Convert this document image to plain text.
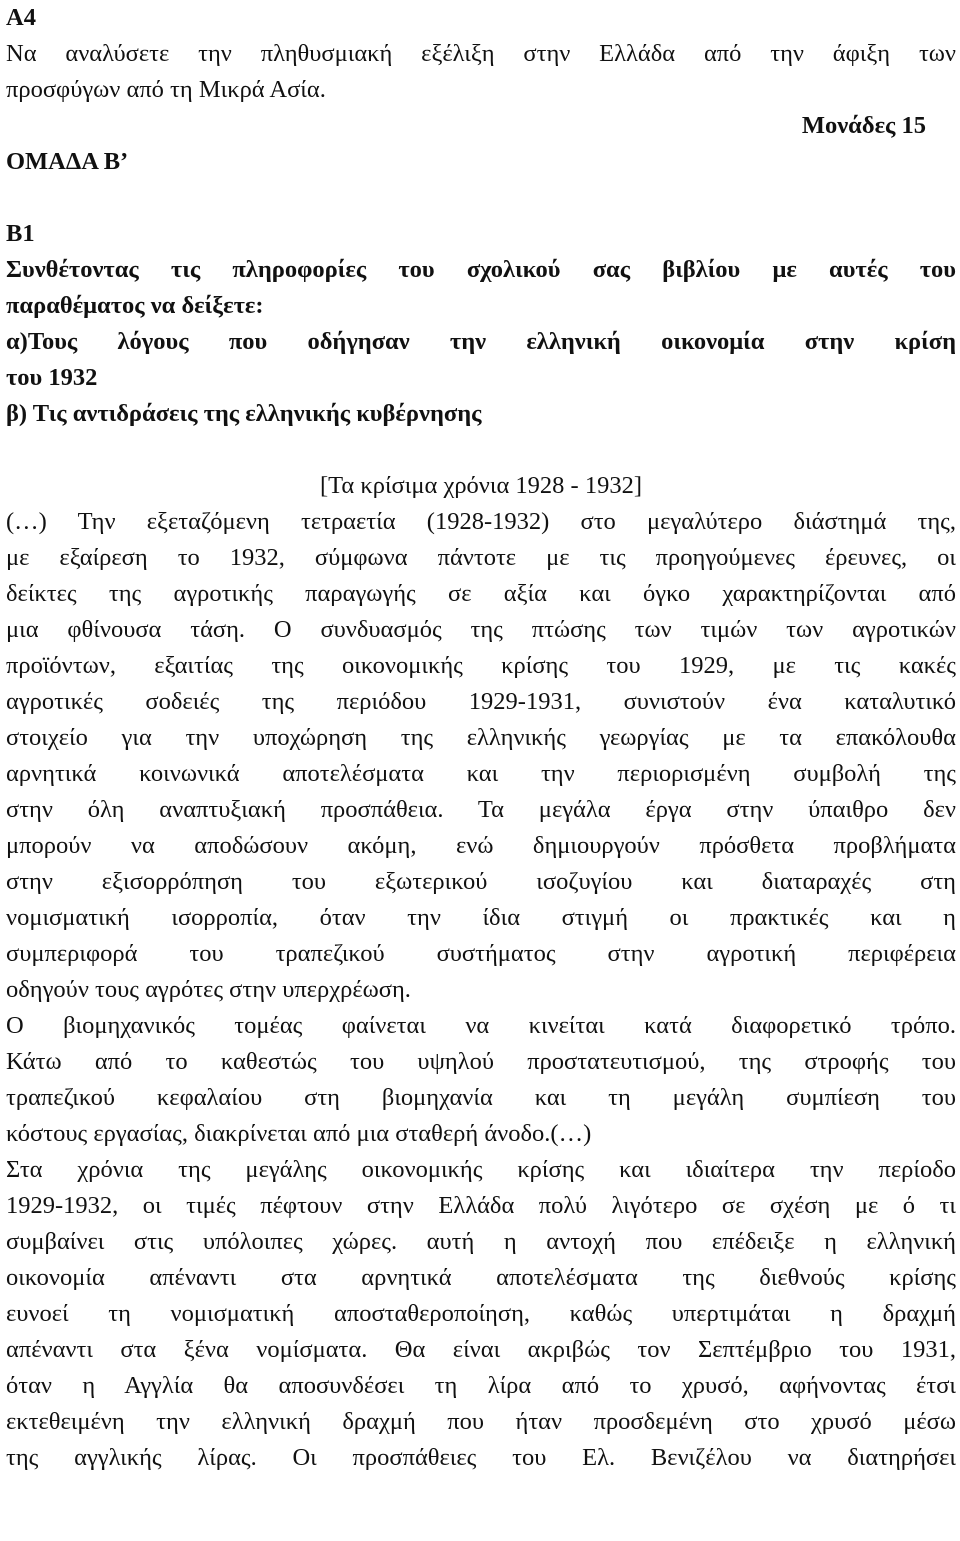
Α4
Να αναλύσετε την πληθυσμιακή εξέλιξη στην Ελλάδα από την άφιξη των
προσφύγων από τη Μικρά Ασία.
Μονάδες 15
ΟΜΑΔΑ Β’
Β1
Συνθέτοντας τις πληροφορίες του σχολικού σας βιβλίου με αυτές του
παραθέματος να δείξετε:
α)Τους λόγους που οδήγησαν την ελληνική οικονομία στην κρίση
του 1932
β) Τις αντιδράσεις της ελληνικής κυβέρνησης
[Τα κρίσιμα χρόνια 1928 - 1932]
(…) Την εξεταζόμενη τετραετία (1928-1932) στο μεγαλύτερο διάστημά της,
με εξαίρεση το 1932, σύμφωνα πάντοτε με τις προηγούμενες έρευνες, οι
δείκτες της αγροτικής παραγωγής σε αξία και όγκο χαρακτηρίζονται από
μια φθίνουσα τάση. Ο συνδυασμός της πτώσης των τιμών των αγροτικών
προϊόντων, εξαιτίας της οικονομικής κρίσης του 1929, με τις κακές
αγροτικές σοδειές της περιόδου 1929-1931, συνιστούν ένα καταλυτικό
στοιχείο για την υποχώρηση της ελληνικής γεωργίας με τα επακόλουθα
αρνητικά κοινωνικά αποτελέσματα και την περιορισμένη συμβολή της
στην όλη αναπτυξιακή προσπάθεια. Τα μεγάλα έργα στην ύπαιθρο δεν
μπορούν να αποδώσουν ακόμη, ενώ δημιουργούν πρόσθετα προβλήματα
στην εξισορρόπηση του εξωτερικού ισοζυγίου και διαταραχές στη
νομισματική ισορροπία, όταν την ίδια στιγμή οι πρακτικές και η
συμπεριφορά του τραπεζικού συστήματος στην αγροτική περιφέρεια
οδηγούν τους αγρότες στην υπερχρέωση.
Ο βιομηχανικός τομέας φαίνεται να κινείται κατά διαφορετικό τρόπο.
Κάτω από το καθεστώς του υψηλού προστατευτισμού, της στροφής του
τραπεζικού κεφαλαίου στη βιομηχανία και τη μεγάλη συμπίεση του
κόστους εργασίας, διακρίνεται από μια σταθερή άνοδο.(…)
Στα χρόνια της μεγάλης οικονομικής κρίσης και ιδιαίτερα την περίοδο
1929-1932, οι τιμές πέφτουν στην Ελλάδα πολύ λιγότερο σε σχέση με ό τι
συμβαίνει στις υπόλοιπες χώρες. αυτή η αντοχή που επέδειξε η ελληνική
οικονομία απέναντι στα αρνητικά αποτελέσματα της διεθνούς κρίσης
ευνοεί τη νομισματική αποσταθεροποίηση, καθώς υπερτιμάται η δραχμή
απέναντι στα ξένα νομίσματα. Θα είναι ακριβώς τον Σεπτέμβριο του 1931,
όταν η Αγγλία θα αποσυνδέσει τη λίρα από το χρυσό, αφήνοντας έτσι
εκτεθειμένη την ελληνική δραχμή που ήταν προσδεμένη στο χρυσό μέσω
της αγγλικής λίρας. Οι προσπάθειες του Ελ. Βενιζέλου να διατηρήσει
